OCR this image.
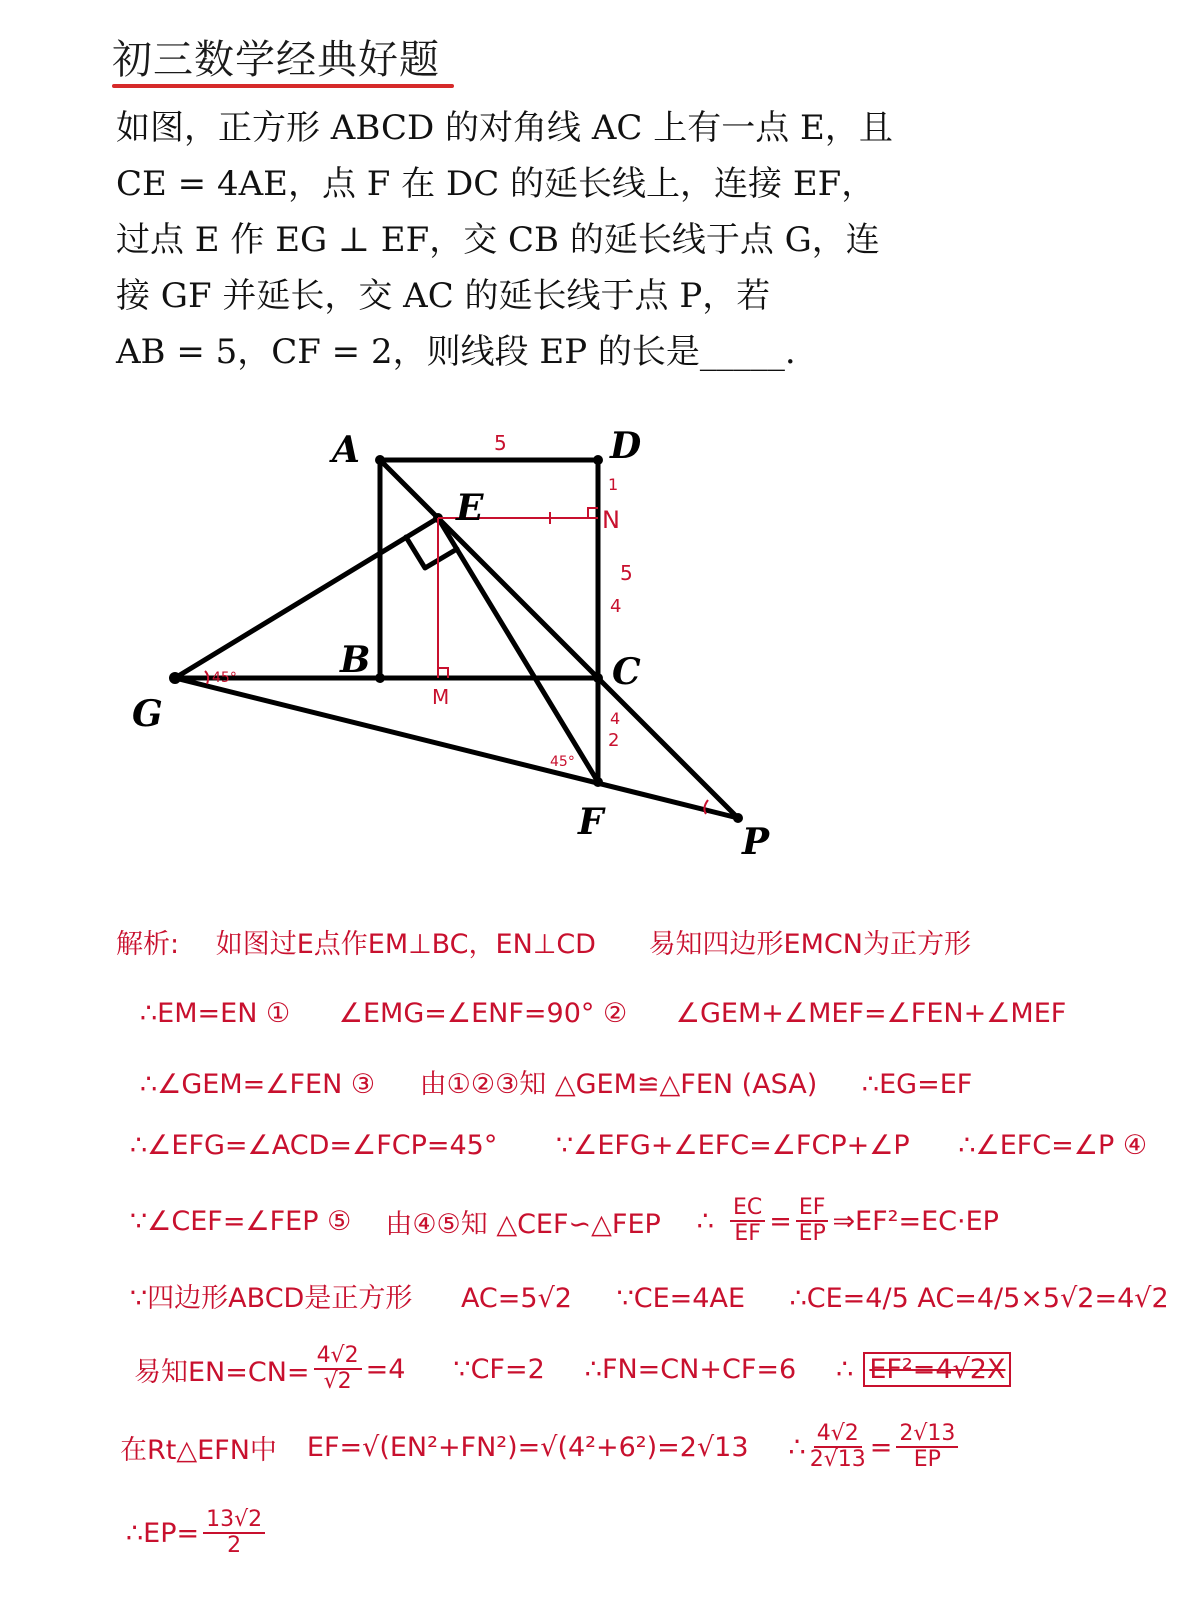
初三数学经典好题
如图，正方形 ABCD 的对角线 AC 上有一点 E，且
CE = 4AE，点 F 在 DC 的延长线上，连接 EF，
过点 E 作 EG ⊥ EF，交 CB 的延长线于点 G，连
接 GF 并延长，交 AC 的延长线于点 P，若
AB = 5，CF = 2，则线段 EP 的长是_____.
A	D
E
B	C
G
F	P
N
M
5
1
5
4
4
2
45°
45°
解析: 如图过E点作EM⊥BC，EN⊥CD 易知四边形EMCN为正方形
∴EM=EN ① ∠EMG=∠ENF=90° ② ∠GEM+∠MEF=∠FEN+∠MEF
∴∠GEM=∠FEN ③ 由①②③知 △GEM≌△FEN (ASA) ∴EG=EF
∴∠EFG=∠ACD=∠FCP=45° ∵∠EFG+∠EFC=∠FCP+∠P ∴∠EFC=∠P ④
∵∠CEF=∠FEP ⑤ 由④⑤知 △CEF∽△FEP ∴ $\frac{EC}{EF} = \frac{EF}{EP}$ ⇒EF²=EC·EP
∵四边形ABCD是正方形 AC=5√2 ∵CE=4AE ∴CE=4/5 AC=4/5×5√2=4√2
易知$EN=CN= \frac{4√2}{√2} =4$ ∵CF=2 ∴FN=CN+CF=6 ∴ EF²=4√2X
在Rt△EFN中 EF=√(EN²+FN²)=√(4²+6²)=2√13 ∴ $\frac{4√2}{2√13} = \frac{2√13}{EP}$
∴EP= $\frac{13√2}{2}$
